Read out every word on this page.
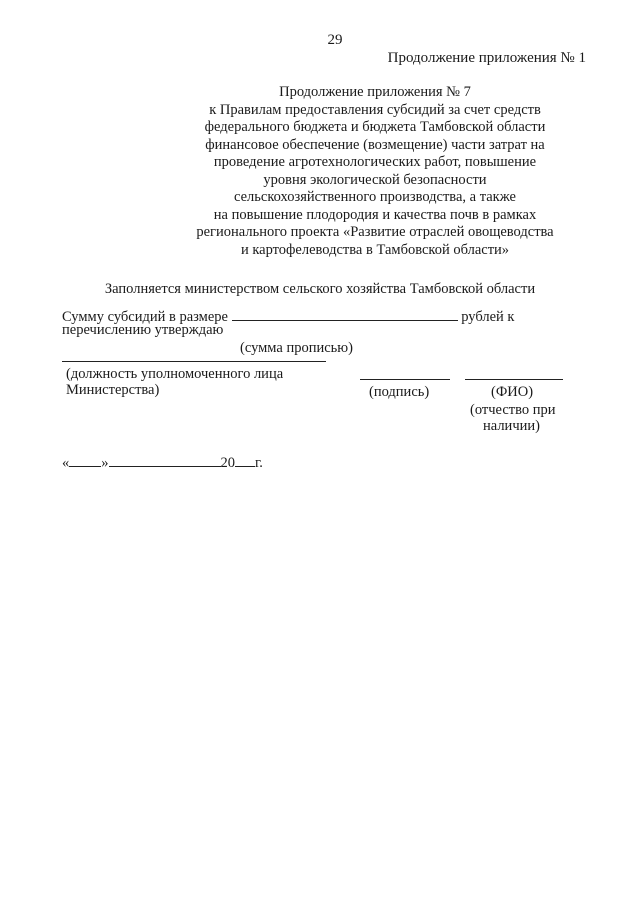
29
Продолжение приложения № 1
Продолжение приложения № 7
к Правилам предоставления субсидий за счет средств
федерального бюджета и бюджета Тамбовской области
финансовое обеспечение (возмещение) части затрат на
проведение агротехнологических работ, повышение
уровня экологической безопасности
сельскохозяйственного производства, а также
на повышение плодородия и качества почв в рамках
регионального проекта «Развитие отраслей овощеводства
и картофелеводства в Тамбовской области»
Заполняется министерством сельского хозяйства Тамбовской области
Сумму субсидий в размере	рублей к
перечислению утверждаю
(сумма прописью)
(должность уполномоченного лица
Министерства)	(подпись)	(ФИО)
(отчество при
наличии)
« »	20 г.
